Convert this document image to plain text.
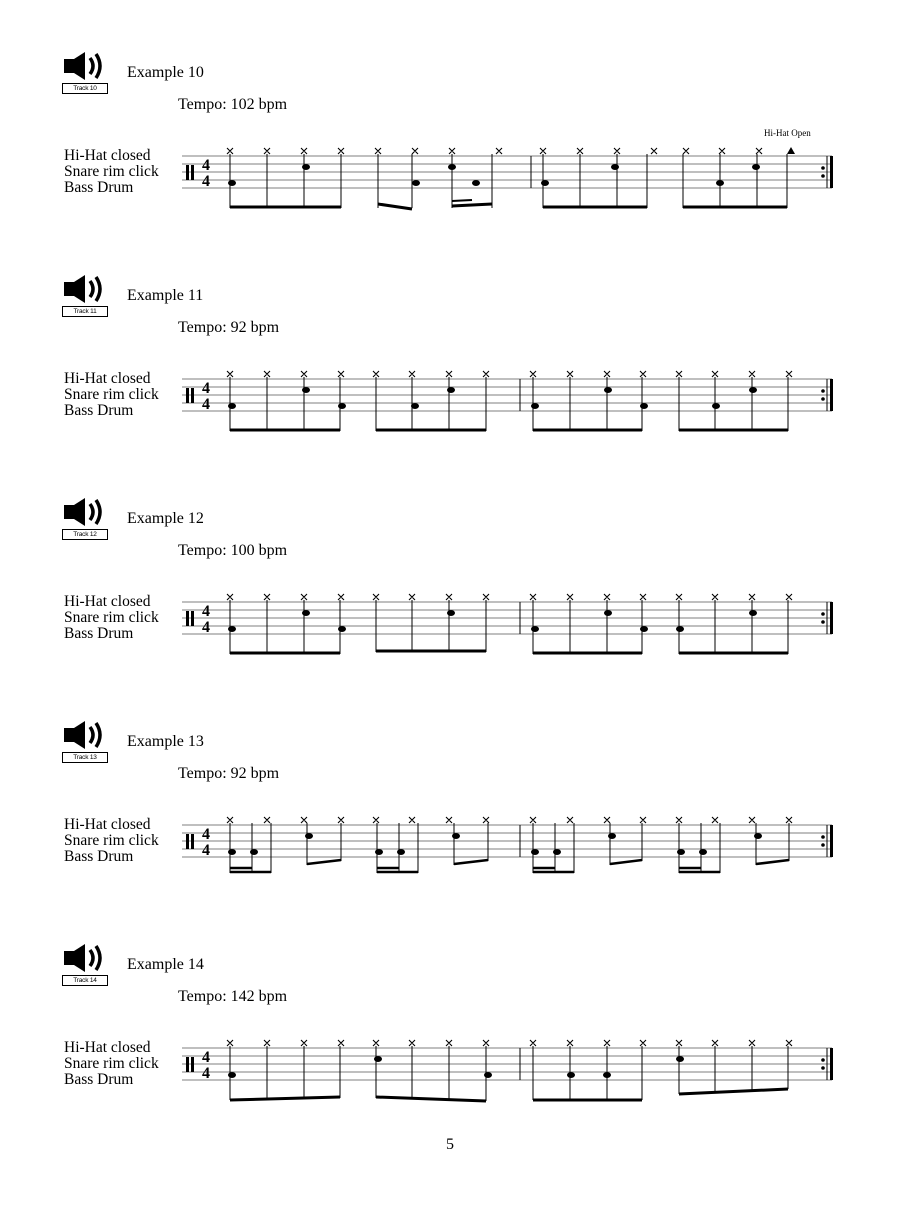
Track 10
Example 10
Tempo: 102 bpm
Hi-Hat closed
Snare rim click
Bass Drum
Hi-Hat Open
4
4
Track 11
Example 11
Tempo: 92 bpm
Hi-Hat closed
Snare rim click
Bass Drum
4
4
Track 12
Example 12
Tempo: 100 bpm
Hi-Hat closed
Snare rim click
Bass Drum
4
4
Track 13
Example 13
Tempo: 92 bpm
Hi-Hat closed
Snare rim click
Bass Drum
4
4
Track 14
Example 14
Tempo: 142 bpm
Hi-Hat closed
Snare rim click
Bass Drum
4
4
5
